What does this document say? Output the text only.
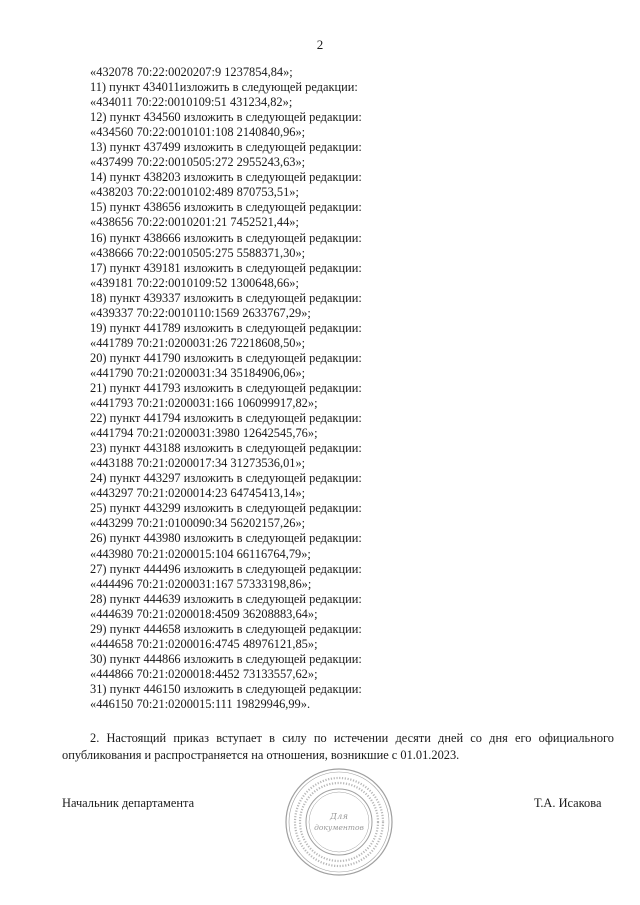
2
«432078 70:22:0020207:9 1237854,84»;
11) пункт 434011изложить в следующей редакции:
«434011 70:22:0010109:51 431234,82»;
12) пункт 434560 изложить в следующей редакции:
«434560 70:22:0010101:108 2140840,96»;
13) пункт 437499 изложить в следующей редакции:
«437499 70:22:0010505:272 2955243,63»;
14) пункт 438203 изложить в следующей редакции:
«438203 70:22:0010102:489 870753,51»;
15) пункт 438656 изложить в следующей редакции:
«438656 70:22:0010201:21 7452521,44»;
16) пункт 438666 изложить в следующей редакции:
«438666 70:22:0010505:275 5588371,30»;
17) пункт 439181 изложить в следующей редакции:
«439181 70:22:0010109:52 1300648,66»;
18) пункт 439337 изложить в следующей редакции:
«439337 70:22:0010110:1569 2633767,29»;
19) пункт 441789 изложить в следующей редакции:
«441789 70:21:0200031:26 72218608,50»;
20) пункт 441790 изложить в следующей редакции:
«441790 70:21:0200031:34 35184906,06»;
21) пункт 441793 изложить в следующей редакции:
«441793 70:21:0200031:166 106099917,82»;
22) пункт 441794 изложить в следующей редакции:
«441794 70:21:0200031:3980 12642545,76»;
23) пункт 443188 изложить в следующей редакции:
«443188 70:21:0200017:34 31273536,01»;
24) пункт 443297 изложить в следующей редакции:
«443297 70:21:0200014:23 64745413,14»;
25) пункт 443299 изложить в следующей редакции:
«443299 70:21:0100090:34 56202157,26»;
26) пункт 443980 изложить в следующей редакции:
«443980 70:21:0200015:104 66116764,79»;
27) пункт 444496 изложить в следующей редакции:
«444496 70:21:0200031:167 57333198,86»;
28) пункт 444639 изложить в следующей редакции:
«444639 70:21:0200018:4509 36208883,64»;
29) пункт 444658 изложить в следующей редакции:
«444658 70:21:0200016:4745 48976121,85»;
30) пункт 444866 изложить в следующей редакции:
«444866 70:21:0200018:4452 73133557,62»;
31) пункт 446150 изложить в следующей редакции:
«446150 70:21:0200015:111 19829946,99».
2. Настоящий приказ вступает в силу по истечении десяти дней со дня его официального опубликования и распространяется на отношения, возникшие с 01.01.2023.
Начальник департамента	Т.А. Исакова
Для
документов
